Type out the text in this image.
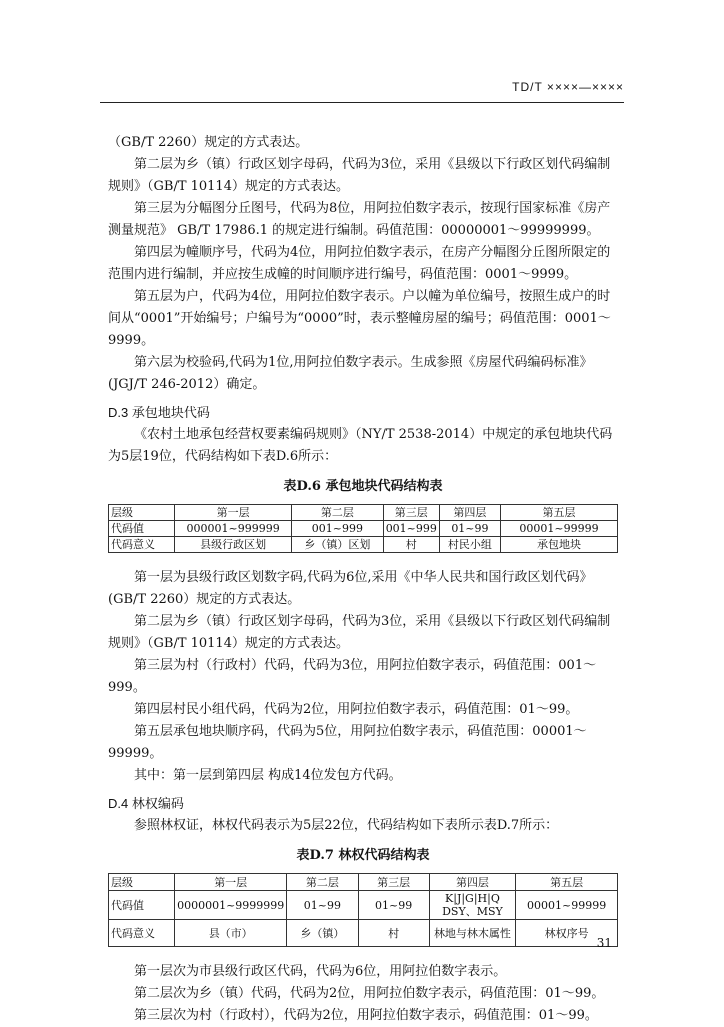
TD/T ××××—××××

（GB/T 2260）规定的方式表达。

第二层为乡（镇）行政区划字母码，代码为3位，采用《县级以下行政区划代码编制规则》（GB/T 10114）规定的方式表达。

第三层为分幅图分丘图号，代码为8位，用阿拉伯数字表示，按现行国家标准《房产测量规范》 GB/T 17986.1 的规定进行编制。码值范围：00000001～99999999。

第四层为幢顺序号，代码为4位，用阿拉伯数字表示，在房产分幅图分丘图所限定的范围内进行编制，并应按生成幢的时间顺序进行编号，码值范围：0001～9999。

第五层为户，代码为4位，用阿拉伯数字表示。户以幢为单位编号，按照生成户的时间从“0001”开始编号；户编号为“0000”时，表示整幢房屋的编号；码值范围：0001～9999。

第六层为校验码,代码为1位,用阿拉伯数字表示。生成参照《房屋代码编码标准》(JGJ/T 246-2012）确定。

D.3 承包地块代码

《农村土地承包经营权要素编码规则》（NY/T 2538-2014）中规定的承包地块代码为5层19位，代码结构如下表D.6所示：

表D.6 承包地块代码结构表

层级	第一层	第二层	第三层	第四层	第五层
代码值	000001~999999	001~999	001~999	01~99	00001~99999
代码意义	县级行政区划	乡（镇）区划	村	村民小组	承包地块

第一层为县级行政区划数字码,代码为6位,采用《中华人民共和国行政区划代码》(GB/T 2260）规定的方式表达。

第二层为乡（镇）行政区划字母码，代码为3位，采用《县级以下行政区划代码编制规则》（GB/T 10114）规定的方式表达。

第三层为村（行政村）代码，代码为3位，用阿拉伯数字表示，码值范围：001～999。

第四层村民小组代码，代码为2位，用阿拉伯数字表示，码值范围：01～99。

第五层承包地块顺序码，代码为5位，用阿拉伯数字表示，码值范围：00001～99999。

其中：第一层到第四层 构成14位发包方代码。

D.4 林权编码

参照林权证，林权代码表示为5层22位，代码结构如下表所示表D.7所示：

表D.7 林权代码结构表

层级	第一层	第二层	第三层	第四层	第五层
代码值	0000001~9999999	01~99	01~99	K|J|G|H|Q DSY、MSY	00001~99999
代码意义	县（市）	乡（镇）	村	林地与林木属性	林权序号

第一层次为市县级行政区代码，代码为6位，用阿拉伯数字表示。

第二层次为乡（镇）代码，代码为2位，用阿拉伯数字表示，码值范围：01～99。

第三层次为村（行政村），代码为2位，用阿拉伯数字表示，码值范围：01～99。

31
